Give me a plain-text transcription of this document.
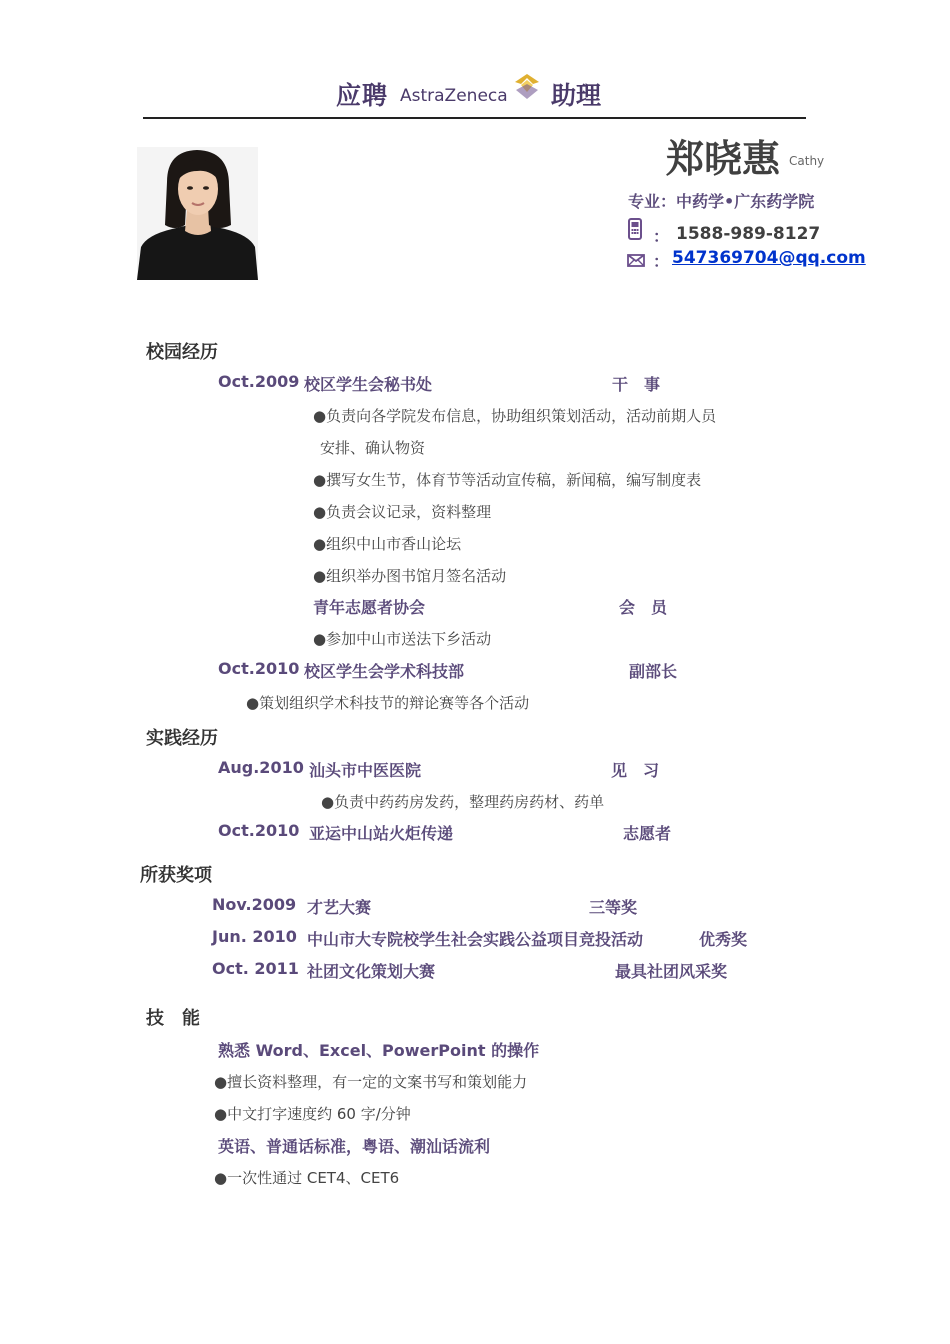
应聘 AstraZeneca 助理
郑晓惠 Cathy
专业：中药学•广东药学院
： 1588-989-8127
： 547369704@qq.com
校园经历
Oct.2009 校区学生会秘书处	干　事
●负责向各学院发布信息，协助组织策划活动，活动前期人员
安排、确认物资
●撰写女生节，体育节等活动宣传稿，新闻稿，编写制度表
●负责会议记录，资料整理
●组织中山市香山论坛
●组织举办图书馆月签名活动
青年志愿者协会	会　员
●参加中山市送法下乡活动
Oct.2010 校区学生会学术科技部	副部长
●策划组织学术科技节的辩论赛等各个活动
实践经历
Aug.2010 汕头市中医医院	见　习
●负责中药药房发药，整理药房药材、药单
Oct.2010 亚运中山站火炬传递	志愿者
所获奖项
Nov.2009 才艺大赛	三等奖
Jun. 2010 中山市大专院校学生社会实践公益项目竞投活动	优秀奖
Oct. 2011 社团文化策划大赛	最具社团风采奖
技　能
熟悉 Word、Excel、PowerPoint 的操作
●擅长资料整理，有一定的文案书写和策划能力
●中文打字速度约 60 字/分钟
英语、普通话标准，粤语、潮汕话流利
●一次性通过 CET4、CET6
